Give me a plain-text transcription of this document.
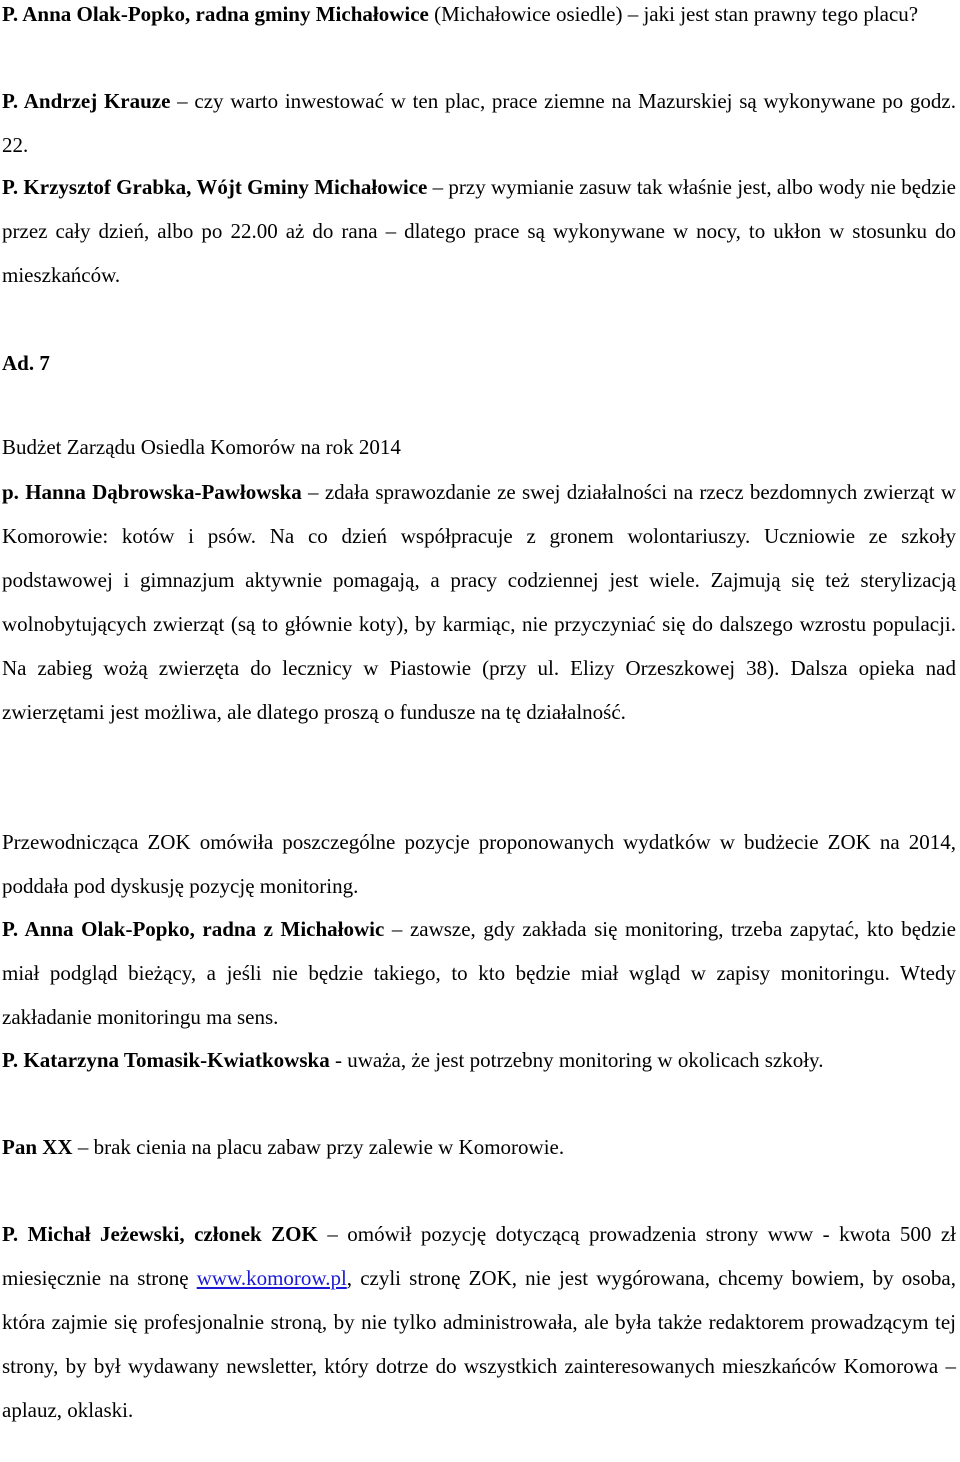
P. Anna Olak-Popko, radna gminy Michałowice (Michałowice osiedle) – jaki jest stan prawny tego placu?

P. Andrzej Krauze – czy warto inwestować w ten plac, prace ziemne na Mazurskiej są wykonywane po godz. 22.

P. Krzysztof Grabka, Wójt Gminy Michałowice – przy wymianie zasuw tak właśnie jest, albo wody nie będzie przez cały dzień, albo po 22.00 aż do rana – dlatego prace są wykonywane w nocy, to ukłon w stosunku do mieszkańców.

Ad. 7

Budżet Zarządu Osiedla Komorów na rok 2014

p. Hanna Dąbrowska-Pawłowska – zdała sprawozdanie ze swej działalności na rzecz bezdomnych zwierząt w Komorowie: kotów i psów. Na co dzień współpracuje z gronem wolontariuszy. Uczniowie ze szkoły podstawowej i gimnazjum aktywnie pomagają, a pracy codziennej jest wiele. Zajmują się też sterylizacją wolnobytujących zwierząt (są to głównie koty), by karmiąc, nie przyczyniać się do dalszego wzrostu populacji. Na zabieg wożą zwierzęta do lecznicy w Piastowie (przy ul. Elizy Orzeszkowej 38). Dalsza opieka nad zwierzętami jest możliwa, ale dlatego proszą o fundusze na tę działalność.

Przewodnicząca ZOK omówiła poszczególne pozycje proponowanych wydatków w budżecie ZOK na 2014, poddała pod dyskusję pozycję monitoring.

P. Anna Olak-Popko, radna z Michałowic – zawsze, gdy zakłada się monitoring, trzeba zapytać, kto będzie miał podgląd bieżący, a jeśli nie będzie takiego, to kto będzie miał wgląd w zapisy monitoringu. Wtedy zakładanie monitoringu ma sens.

P. Katarzyna Tomasik-Kwiatkowska - uważa, że jest potrzebny monitoring w okolicach szkoły.

Pan XX – brak cienia na placu zabaw przy zalewie w Komorowie.

P. Michał Jeżewski, członek ZOK – omówił pozycję dotyczącą prowadzenia strony www - kwota 500 zł miesięcznie na stronę www.komorow.pl, czyli stronę ZOK, nie jest wygórowana, chcemy bowiem, by osoba, która zajmie się profesjonalnie stroną, by nie tylko administrowała, ale była także redaktorem prowadzącym tej strony, by był wydawany newsletter, który dotrze do wszystkich zainteresowanych mieszkańców Komorowa – aplauz, oklaski.
